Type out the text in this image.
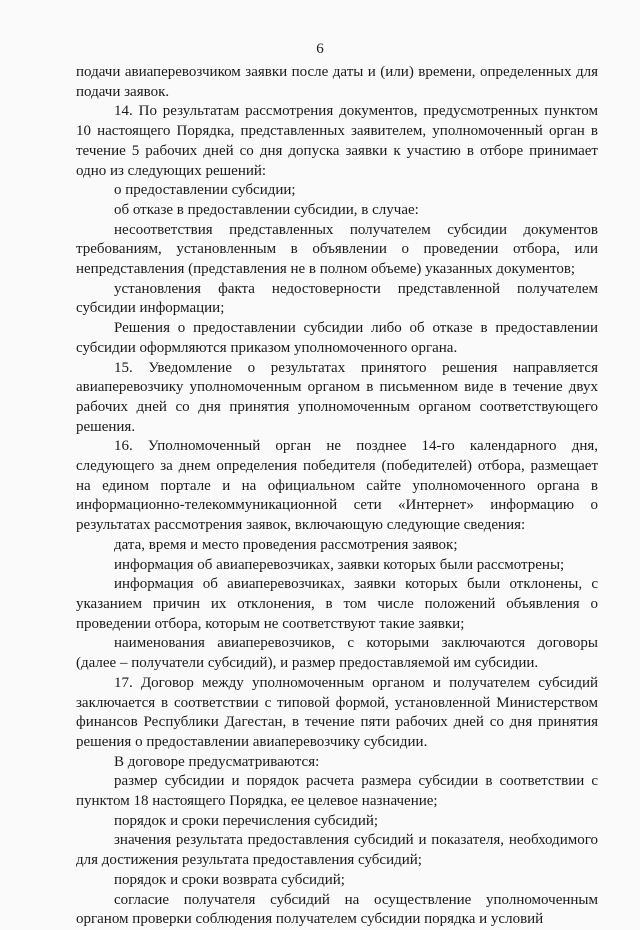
6

подачи авиаперевозчиком заявки после даты и (или) времени, определенных для подачи заявок.

14. По результатам рассмотрения документов, предусмотренных пунктом 10 настоящего Порядка, представленных заявителем, уполномоченный орган в течение 5 рабочих дней со дня допуска заявки к участию в отборе принимает одно из следующих решений:

о предоставлении субсидии;

об отказе в предоставлении субсидии, в случае:

несоответствия представленных получателем субсидии документов требованиям, установленным в объявлении о проведении отбора, или непредставления (представления не в полном объеме) указанных документов;

установления факта недостоверности представленной получателем субсидии информации;

Решения о предоставлении субсидии либо об отказе в предоставлении субсидии оформляются приказом уполномоченного органа.

15. Уведомление о результатах принятого решения направляется авиаперевозчику уполномоченным органом в письменном виде в течение двух рабочих дней со дня принятия уполномоченным органом соответствующего решения.

16. Уполномоченный орган не позднее 14-го календарного дня, следующего за днем определения победителя (победителей) отбора, размещает на едином портале и на официальном сайте уполномоченного органа в информационно-телекоммуникационной сети «Интернет» информацию о результатах рассмотрения заявок, включающую следующие сведения:

дата, время и место проведения рассмотрения заявок;

информация об авиаперевозчиках, заявки которых были рассмотрены;

информация об авиаперевозчиках, заявки которых были отклонены, с указанием причин их отклонения, в том числе положений объявления о проведении отбора, которым не соответствуют такие заявки;

наименования авиаперевозчиков, с которыми заключаются договоры (далее – получатели субсидий), и размер предоставляемой им субсидии.

17. Договор между уполномоченным органом и получателем субсидий заключается в соответствии с типовой формой, установленной Министерством финансов Республики Дагестан, в течение пяти рабочих дней со дня принятия решения о предоставлении авиаперевозчику субсидии.

В договоре предусматриваются:

размер субсидии и порядок расчета размера субсидии в соответствии с пунктом 18 настоящего Порядка, ее целевое назначение;

порядок и сроки перечисления субсидий;

значения результата предоставления субсидий и показателя, необходимого для достижения результата предоставления субсидий;

порядок и сроки возврата субсидий;

согласие получателя субсидий на осуществление уполномоченным органом проверки соблюдения получателем субсидии порядка и условий
